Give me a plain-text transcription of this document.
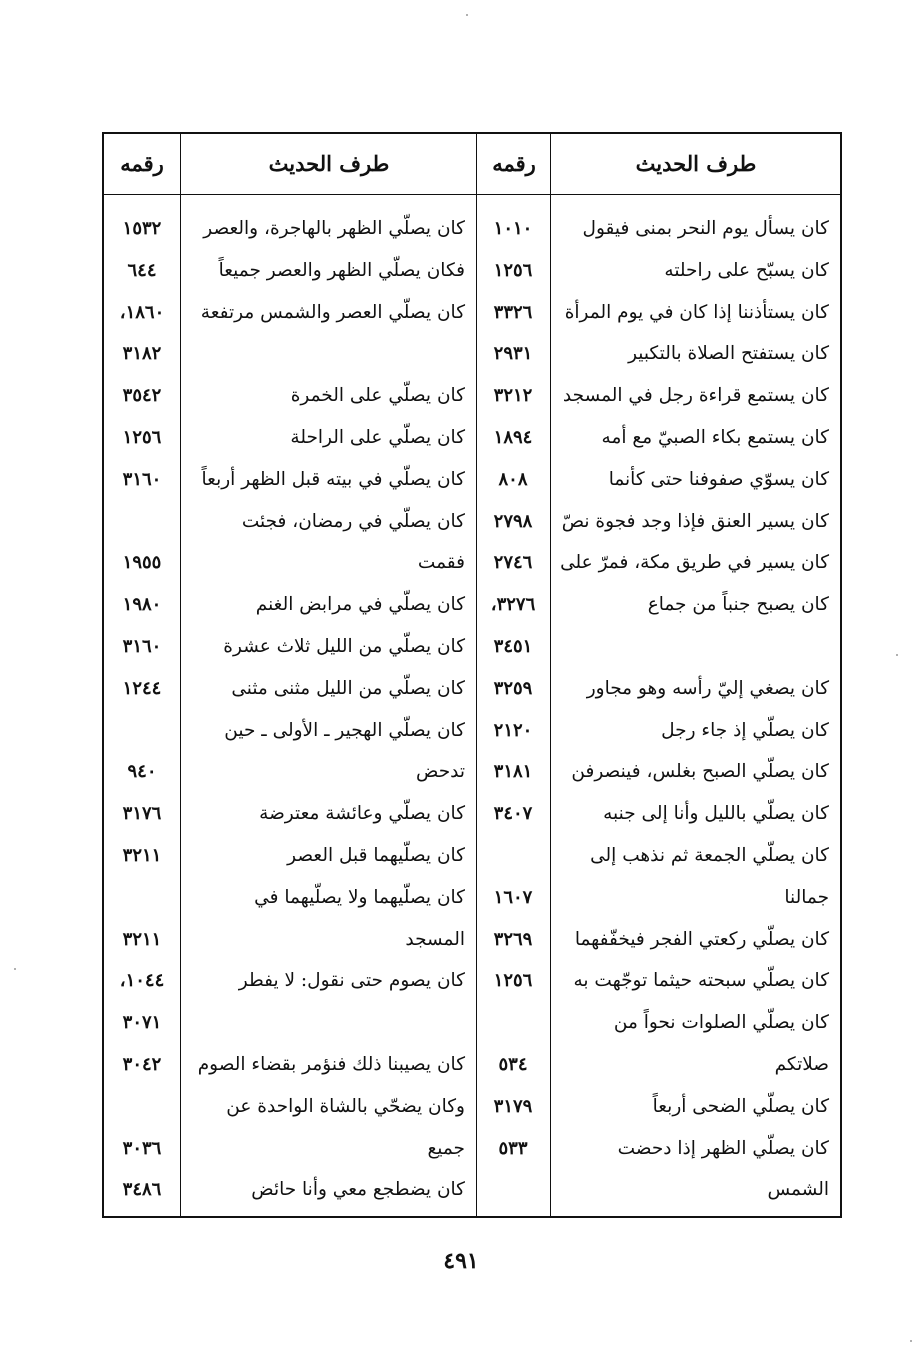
رقمه
١٥٣٢
٦٤٤
١٨٦٠،
٣١٨٢
٣٥٤٢
١٢٥٦
٣١٦٠
١٩٥٥
١٩٨٠
٣١٦٠
١٢٤٤
٩٤٠
٣١٧٦
٣٢١١
٣٢١١
١٠٤٤،
٣٠٧١
٣٠٤٢
٣٠٣٦
٣٤٨٦
طرف الحديث
كان يصلّي الظهر بالهاجرة، والعصر
فكان يصلّي الظهر والعصر جميعاً
كان يصلّي العصر والشمس مرتفعة
كان يصلّي على الخمرة
كان يصلّي على الراحلة
كان يصلّي في بيته قبل الظهر أربعاً
كان يصلّي في رمضان، فجئت
فقمت
كان يصلّي في مرابض الغنم
كان يصلّي من الليل ثلاث عشرة
كان يصلّي من الليل مثنى مثنى
كان يصلّي الهجير ـ الأولى ـ حين
تدحض
كان يصلّي وعائشة معترضة
كان يصلّيهما قبل العصر
كان يصلّيهما ولا يصلّيهما في
المسجد
كان يصوم حتى نقول: لا يفطر
كان يصيبنا ذلك فنؤمر بقضاء الصوم
وكان يضحّي بالشاة الواحدة عن
جميع
كان يضطجع معي وأنا حائض
رقمه
١٠١٠
١٢٥٦
٣٣٢٦
٢٩٣١
٣٢١٢
١٨٩٤
٨٠٨
٢٧٩٨
٢٧٤٦
٣٢٧٦،
٣٤٥١
٣٢٥٩
٢١٢٠
٣١٨١
٣٤٠٧
١٦٠٧
٣٢٦٩
١٢٥٦
٥٣٤
٣١٧٩
٥٣٣
طرف الحديث
كان يسأل يوم النحر بمنى فيقول
كان يسبّح على راحلته
كان يستأذننا إذا كان في يوم المرأة
كان يستفتح الصلاة بالتكبير
كان يستمع قراءة رجل في المسجد
كان يستمع بكاء الصبيّ مع أمه
كان يسوّي صفوفنا حتى كأنما
كان يسير العنق فإذا وجد فجوة نصّ
كان يسير في طريق مكة، فمرّ على
كان يصبح جنباً من جماع
كان يصغي إليّ رأسه وهو مجاور
كان يصلّي إذ جاء رجل
كان يصلّي الصبح بغلس، فينصرفن
كان يصلّي بالليل وأنا إلى جنبه
كان يصلّي الجمعة ثم نذهب إلى
جمالنا
كان يصلّي ركعتي الفجر فيخفّفهما
كان يصلّي سبحته حيثما توجّهت به
كان يصلّي الصلوات نحواً من
صلاتكم
كان يصلّي الضحى أربعاً
كان يصلّي الظهر إذا دحضت
الشمس
٤٩١
